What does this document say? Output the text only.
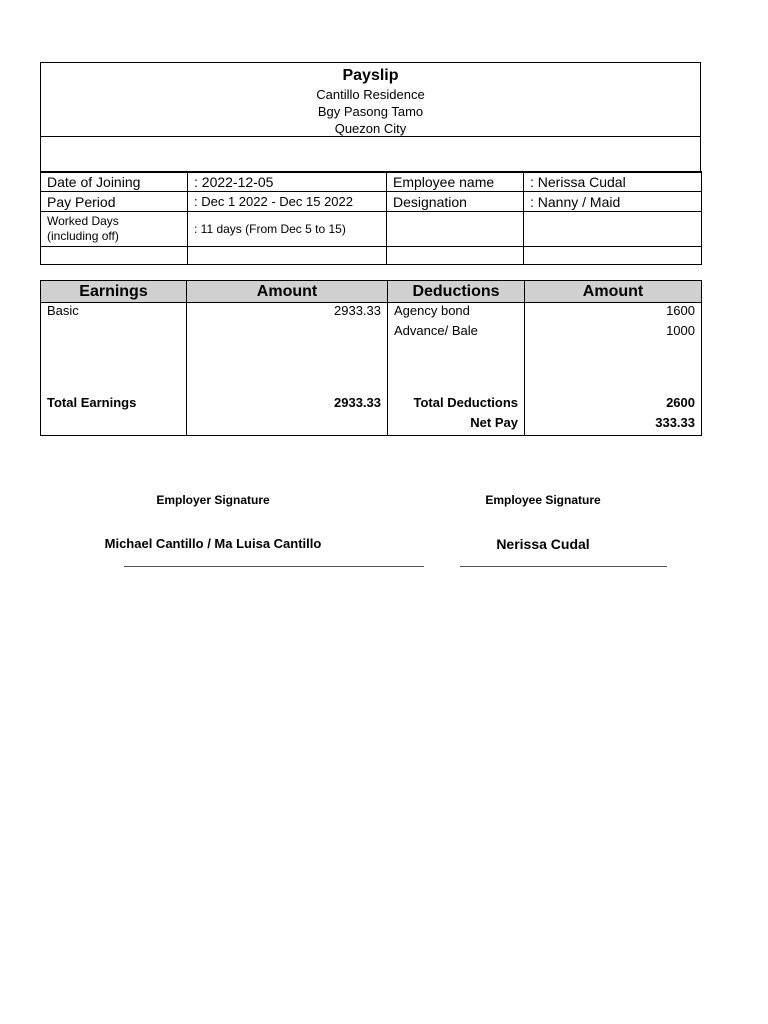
Payslip
Cantillo Residence
Bgy Pasong Tamo
Quezon City
Date of Joining	: 2022-12-05	Employee name	: Nerissa Cudal
Pay Period	: Dec 1 2022 - Dec 15 2022	Designation	: Nanny / Maid

Worked Days
(including off)	: 11 days (From Dec 5 to 15)		

Earnings	Amount	Deductions	Amount
Basic	2933.33	Agency bond	1600
		Advance/ Bale	1000

Total Earnings	2933.33	Total Deductions	2600
		Net Pay	333.33
Employer Signature
Michael Cantillo / Ma Luisa Cantillo
Employee Signature
Nerissa Cudal
